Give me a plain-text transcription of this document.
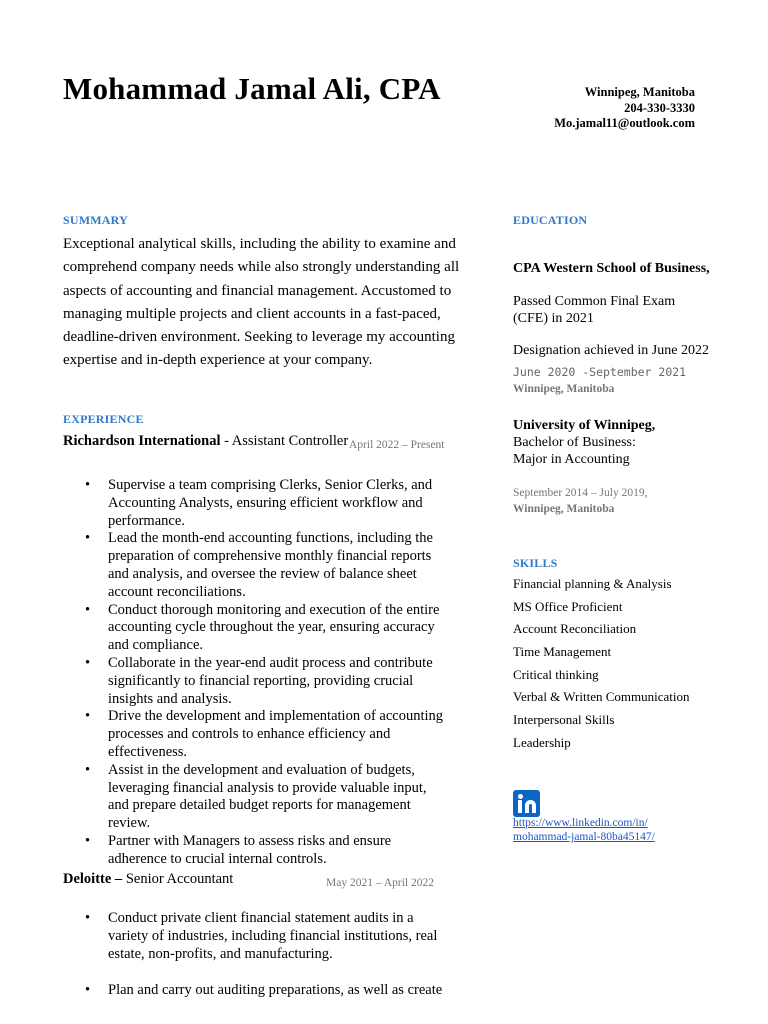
Mohammad Jamal Ali, CPA	Winnipeg, Manitoba
204-330-3330
Mo.jamal11@outlook.com
SUMMARY
Exceptional analytical skills, including the ability to examine and comprehend company needs while also strongly understanding all aspects of accounting and financial management. Accustomed to managing multiple projects and client accounts in a fast-paced, deadline-driven environment. Seeking to leverage my accounting expertise and in-depth experience at your company.
EXPERIENCE
Richardson International - Assistant Controller April 2022 – Present
• Supervise a team comprising Clerks, Senior Clerks, and Accounting Analysts, ensuring efficient workflow and performance.
• Lead the month-end accounting functions, including the preparation of comprehensive monthly financial reports and analysis, and oversee the review of balance sheet account reconciliations.
• Conduct thorough monitoring and execution of the entire accounting cycle throughout the year, ensuring accuracy and compliance.
• Collaborate in the year-end audit process and contribute significantly to financial reporting, providing crucial insights and analysis.
• Drive the development and implementation of accounting processes and controls to enhance efficiency and effectiveness.
• Assist in the development and evaluation of budgets, leveraging financial analysis to provide valuable input, and prepare detailed budget reports for management review.
• Partner with Managers to assess risks and ensure adherence to crucial internal controls.
Deloitte – Senior Accountant	May 2021 – April 2022
• Conduct private client financial statement audits in a variety of industries, including financial institutions, real estate, non-profits, and manufacturing.
• Plan and carry out auditing preparations, as well as create
EDUCATION
CPA Western School of Business,
Passed Common Final Exam (CFE) in 2021
Designation achieved in June 2022
June 2020 -September 2021
Winnipeg, Manitoba
University of Winnipeg,
Bachelor of Business:
Major in Accounting
September 2014 – July 2019,
Winnipeg, Manitoba
SKILLS
Financial planning & Analysis
MS Office Proficient
Account Reconciliation
Time Management
Critical thinking
Verbal & Written Communication
Interpersonal Skills
Leadership
https://www.linkedin.com/in/
mohammad-jamal-80ba45147/
